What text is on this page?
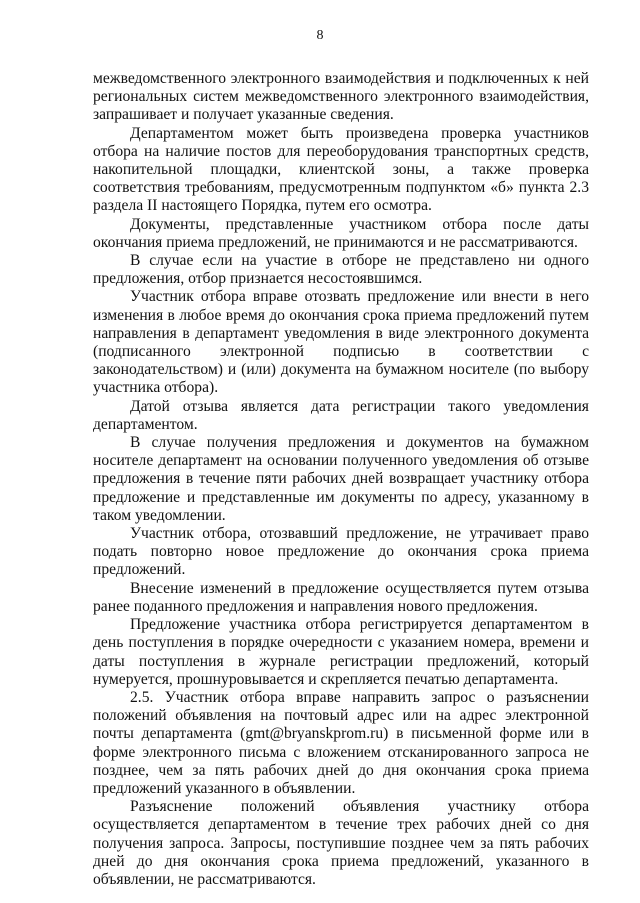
8

межведомственного электронного взаимодействия и подключенных к ней региональных систем межведомственного электронного взаимодействия, запрашивает и получает указанные сведения.

Департаментом может быть произведена проверка участников отбора на наличие постов для переоборудования транспортных средств, накопительной площадки, клиентской зоны, а также проверка соответствия требованиям, предусмотренным подпунктом «б» пункта 2.3 раздела II настоящего Порядка, путем его осмотра.

Документы, представленные участником отбора после даты окончания приема предложений, не принимаются и не рассматриваются.

В случае если на участие в отборе не представлено ни одного предложения, отбор признается несостоявшимся.

Участник отбора вправе отозвать предложение или внести в него изменения в любое время до окончания срока приема предложений путем направления в департамент уведомления в виде электронного документа (подписанного электронной подписью в соответствии с законодательством) и (или) документа на бумажном носителе (по выбору участника отбора).

Датой отзыва является дата регистрации такого уведомления департаментом.

В случае получения предложения и документов на бумажном носителе департамент на основании полученного уведомления об отзыве предложения в течение пяти рабочих дней возвращает участнику отбора предложение и представленные им документы по адресу, указанному в таком уведомлении.

Участник отбора, отозвавший предложение, не утрачивает право подать повторно новое предложение до окончания срока приема предложений.

Внесение изменений в предложение осуществляется путем отзыва ранее поданного предложения и направления нового предложения.

Предложение участника отбора регистрируется департаментом в день поступления в порядке очередности с указанием номера, времени и даты поступления в журнале регистрации предложений, который нумеруется, прошнуровывается и скрепляется печатью департамента.

2.5. Участник отбора вправе направить запрос о разъяснении положений объявления на почтовый адрес или на адрес электронной почты департамента (gmt@bryanskprom.ru) в письменной форме или в форме электронного письма с вложением отсканированного запроса не позднее, чем за пять рабочих дней до дня окончания срока приема предложений указанного в объявлении.

Разъяснение положений объявления участнику отбора осуществляется департаментом в течение трех рабочих дней со дня получения запроса. Запросы, поступившие позднее чем за пять рабочих дней до дня окончания срока приема предложений, указанного в объявлении, не рассматриваются.
